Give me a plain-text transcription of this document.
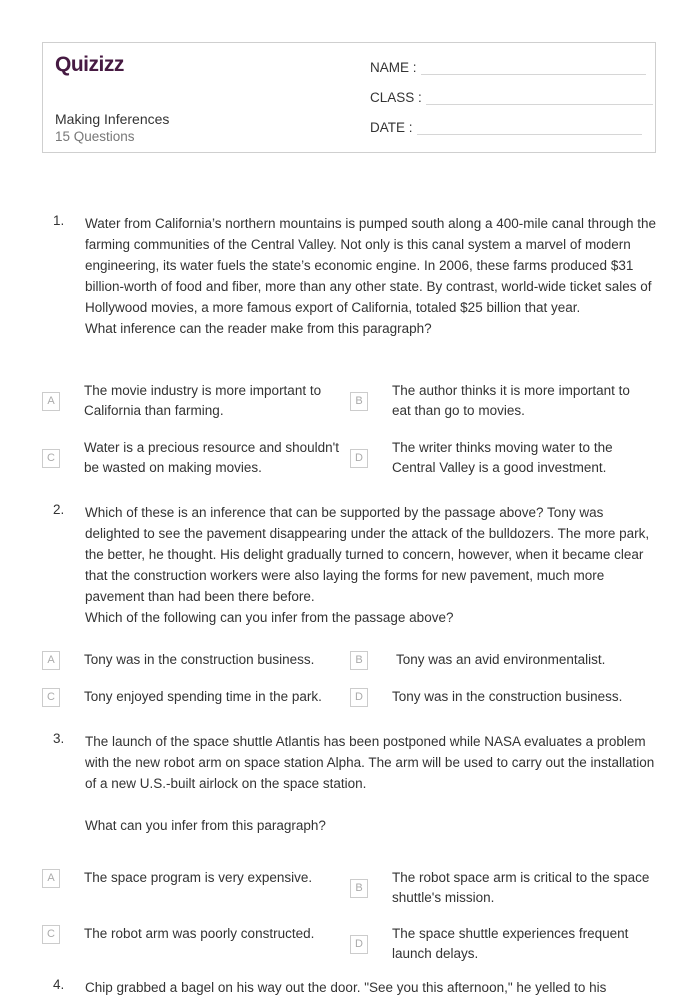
Quizizz
Making Inferences
15 Questions
NAME :
CLASS :
DATE :
1. Water from California’s northern mountains is pumped south along a 400-mile canal through the farming communities of the Central Valley. Not only is this canal system a marvel of modern engineering, its water fuels the state’s economic engine. In 2006, these farms produced $31 billion-worth of food and fiber, more than any other state. By contrast, world-wide ticket sales of Hollywood movies, a more famous export of California, totaled $25 billion that year.
What inference can the reader make from this paragraph?

A
The movie industry is more important to California than farming.
B
The author thinks it is more important to eat than go to movies.
C
Water is a precious resource and shouldn't be wasted on making movies.
D
The writer thinks moving water to the Central Valley is a good investment.
2. Which of these is an inference that can be supported by the passage above? Tony was delighted to see the pavement disappearing under the attack of the bulldozers. The more park, the better, he thought. His delight gradually turned to concern, however, when it became clear that the construction workers were also laying the forms for new pavement, much more pavement than had been there before.
Which of the following can you infer from the passage above?

A	Tony was in the construction business.	B	Tony was an avid environmentalist.
C	Tony enjoyed spending time in the park.	D	Tony was in the construction business.
3. The launch of the space shuttle Atlantis has been postponed while NASA evaluates a problem with the new robot arm on space station Alpha. The arm will be used to carry out the installation of a new U.S.-built airlock on the space station.

What can you infer from this paragraph?

A	The space program is very expensive.
B
The robot space arm is critical to the space shuttle's mission.
C	The robot arm was poorly constructed.
D
The space shuttle experiences frequent launch delays.
4. Chip grabbed a bagel on his way out the door. "See you this afternoon," he yelled to his
